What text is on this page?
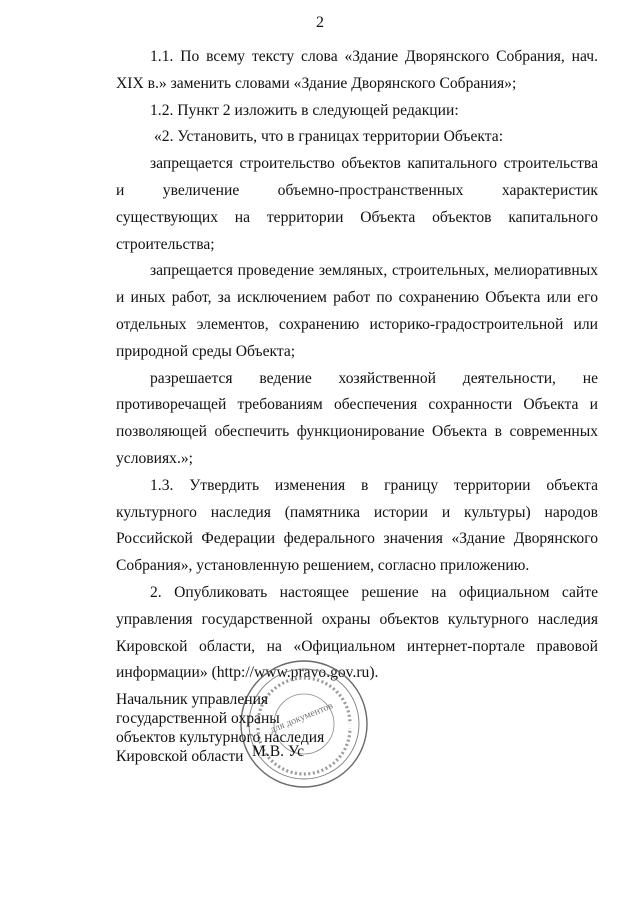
2

1.1. По всему тексту слова «Здание Дворянского Собрания, нач. XIX в.» заменить словами «Здание Дворянского Собрания»;

1.2. Пункт 2 изложить в следующей редакции:

«2. Установить, что в границах территории Объекта:

запрещается строительство объектов капитального строительства и увеличение объемно-пространственных характеристик существующих на территории Объекта объектов капитального строительства;

запрещается проведение земляных, строительных, мелиоративных и иных работ, за исключением работ по сохранению Объекта или его отдельных элементов, сохранению историко-градостроительной или природной среды Объекта;

разрешается ведение хозяйственной деятельности, не противоречащей требованиям обеспечения сохранности Объекта и позволяющей обеспечить функционирование Объекта в современных условиях.»;

1.3. Утвердить изменения в границу территории объекта культурного наследия (памятника истории и культуры) народов Российской Федерации федерального значения «Здание Дворянского Собрания», установленную решением, согласно приложению.

2. Опубликовать настоящее решение на официальном сайте управления государственной охраны объектов культурного наследия Кировской области, на «Официальном интернет-портале правовой информации» (http://www.pravo.gov.ru).

для документов
Начальник управления
государственной охраны
объектов культурного наследия
Кировской области М.В. Ус
